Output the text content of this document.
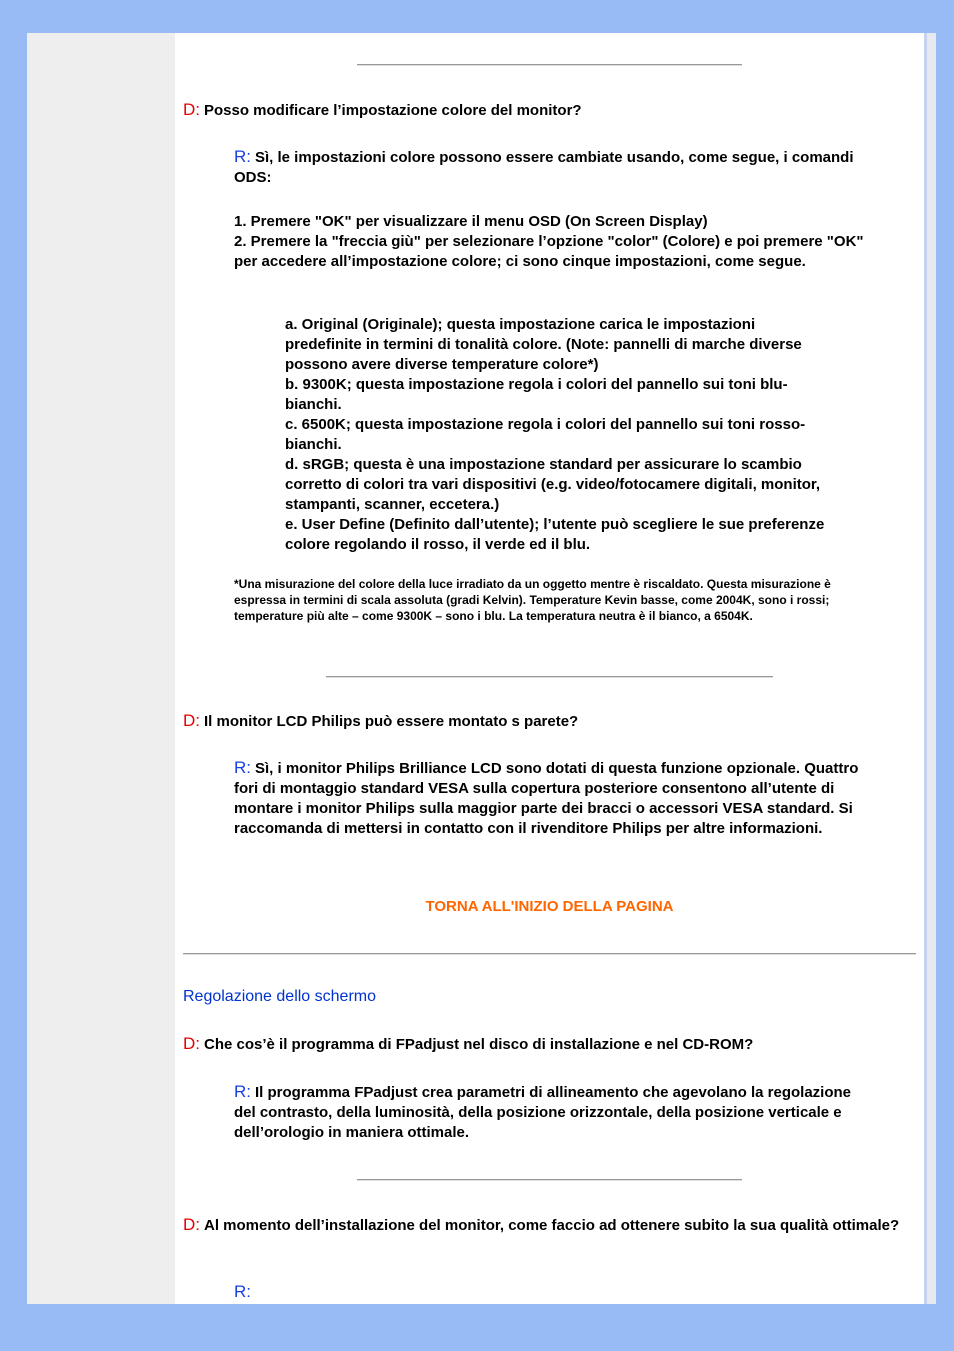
D: Posso modificare l’impostazione colore del monitor?
R: Sì, le impostazioni colore possono essere cambiate usando, come segue, i comandi ODS:
1. Premere "OK" per visualizzare il menu OSD (On Screen Display)
2. Premere la "freccia giù" per selezionare l’opzione "color" (Colore) e poi premere "OK" per accedere all’impostazione colore; ci sono cinque impostazioni, come segue.
a. Original (Originale); questa impostazione carica le impostazioni predefinite in termini di tonalità colore. (Note: pannelli di marche diverse possono avere diverse temperature colore*)
b. 9300K; questa impostazione regola i colori del pannello sui toni blu-bianchi.
c. 6500K; questa impostazione regola i colori del pannello sui toni rosso-bianchi.
d. sRGB; questa è una impostazione standard per assicurare lo scambio corretto di colori tra vari dispositivi (e.g. video/fotocamere digitali, monitor, stampanti, scanner, eccetera.)
e. User Define (Definito dall’utente); l’utente può scegliere le sue preferenze colore regolando il rosso, il verde ed il blu.
*Una misurazione del colore della luce irradiato da un oggetto mentre è riscaldato. Questa misurazione è espressa in termini di scala assoluta (gradi Kelvin). Temperature Kevin basse, come 2004K, sono i rossi; temperature più alte – come 9300K – sono i blu. La temperatura neutra è il bianco, a 6504K.
D: Il monitor LCD Philips può essere montato s parete?
R: Sì, i monitor Philips Brilliance LCD sono dotati di questa funzione opzionale. Quattro fori di montaggio standard VESA sulla copertura posteriore consentono all’utente di montare i monitor Philips sulla maggior parte dei bracci o accessori VESA standard. Si raccomanda di mettersi in contatto con il rivenditore Philips per altre informazioni.
TORNA ALL'INIZIO DELLA PAGINA
Regolazione dello schermo
D: Che cos’è il programma di FPadjust nel disco di installazione e nel CD-ROM?
R: Il programma FPadjust crea parametri di allineamento che agevolano la regolazione del contrasto, della luminosità, della posizione orizzontale, della posizione verticale e dell’orologio in maniera ottimale.
D: Al momento dell’installazione del monitor, come faccio ad ottenere subito la sua qualità ottimale?
R:
